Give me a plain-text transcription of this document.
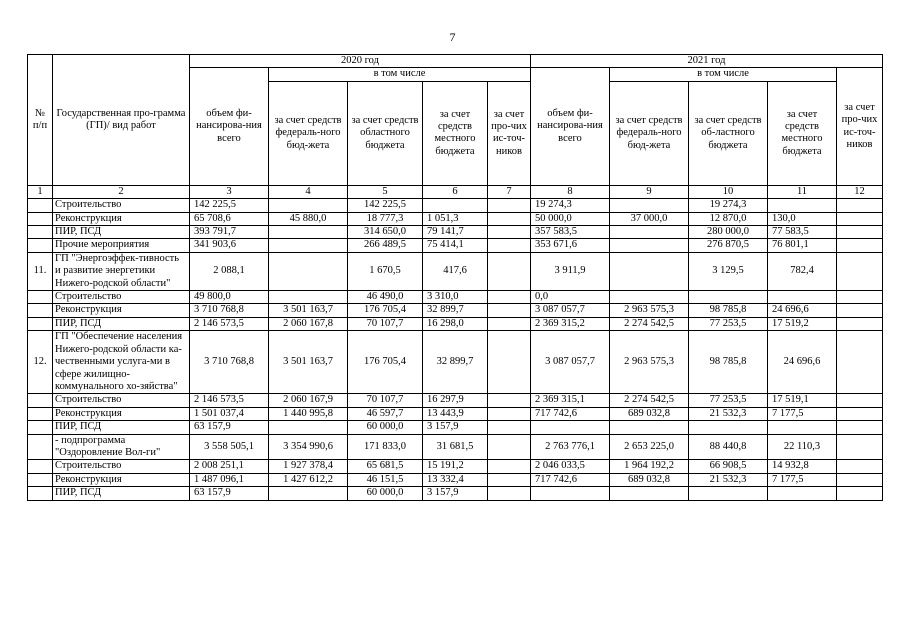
7
№ п/п	Государственная про-грамма (ГП)/ вид работ	2020 год					2021 год				
		объем фи-нансирова-ния всего	в том числе				объем фи-нансирова-ния всего	в том числе			за счет про-чих ис-точ-ников
			за счет средств федераль-ного бюд-жета	за счет средств областного бюджета	за счет средств местного бюджета	за счет про-чих ис-точ-ников		за счет средств федераль-ного бюд-жета	за счет средств об-ластного бюджета	за счет средств местного бюджета	
1	2	3	4	5	6	7	8	9	10	11	12
	Строительство	142 225,5		142 225,5			19 274,3		19 274,3		
	Реконструкция	65 708,6	45 880,0	18 777,3	1 051,3		50 000,0	37 000,0	12 870,0	130,0	
	ПИР, ПСД	393 791,7		314 650,0	79 141,7		357 583,5		280 000,0	77 583,5	
	Прочие мероприятия	341 903,6		266 489,5	75 414,1		353 671,6		276 870,5	76 801,1	
11.	ГП "Энергоэффек-тивность и развитие энергетики Нижего-родской области"	2 088,1		1 670,5	417,6		3 911,9		3 129,5	782,4	
	Строительство	49 800,0		46 490,0	3 310,0		0,0				
	Реконструкция	3 710 768,8	3 501 163,7	176 705,4	32 899,7		3 087 057,7	2 963 575,3	98 785,8	24 696,6	
	ПИР, ПСД	2 146 573,5	2 060 167,8	70 107,7	16 298,0		2 369 315,2	2 274 542,5	77 253,5	17 519,2	
12.	ГП "Обеспечение населения Нижего-родской области ка-чественными услуга-ми в сфере жилищно-коммунального хо-зяйства"	3 710 768,8	3 501 163,7	176 705,4	32 899,7		3 087 057,7	2 963 575,3	98 785,8	24 696,6	
	Строительство	2 146 573,5	2 060 167,9	70 107,7	16 297,9		2 369 315,1	2 274 542,5	77 253,5	17 519,1	
	Реконструкция	1 501 037,4	1 440 995,8	46 597,7	13 443,9		717 742,6	689 032,8	21 532,3	7 177,5	
	ПИР, ПСД	63 157,9		60 000,0	3 157,9						
	- подпрограмма "Оздоровление Вол-ги"	3 558 505,1	3 354 990,6	171 833,0	31 681,5		2 763 776,1	2 653 225,0	88 440,8	22 110,3	
	Строительство	2 008 251,1	1 927 378,4	65 681,5	15 191,2		2 046 033,5	1 964 192,2	66 908,5	14 932,8	
	Реконструкция	1 487 096,1	1 427 612,2	46 151,5	13 332,4		717 742,6	689 032,8	21 532,3	7 177,5	
	ПИР, ПСД	63 157,9		60 000,0	3 157,9						
